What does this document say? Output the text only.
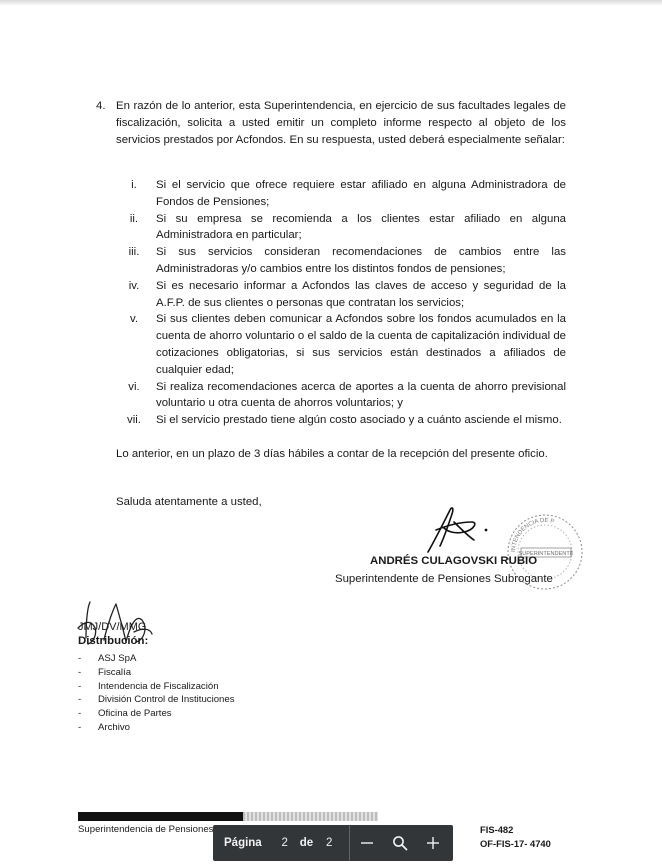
4. En razón de lo anterior, esta Superintendencia, en ejercicio de sus facultades legales de fiscalización, solicita a usted emitir un completo informe respecto al objeto de los servicios prestados por Acfondos. En su respuesta, usted deberá especialmente señalar:
i.	Si el servicio que ofrece requiere estar afiliado en alguna Administradora de Fondos de Pensiones;
ii.	Si su empresa se recomienda a los clientes estar afiliado en alguna Administradora en particular;
iii.	Si sus servicios consideran recomendaciones de cambios entre las Administradoras y/o cambios entre los distintos fondos de pensiones;
iv.	Si es necesario informar a Acfondos las claves de acceso y seguridad de la A.F.P. de sus clientes o personas que contratan los servicios;
v.	Si sus clientes deben comunicar a Acfondos sobre los fondos acumulados en la cuenta de ahorro voluntario o el saldo de la cuenta de capitalización individual de cotizaciones obligatorias, si sus servicios están destinados a afiliados de cualquier edad;
vi.	Si realiza recomendaciones acerca de aportes a la cuenta de ahorro previsional voluntario u otra cuenta de ahorros voluntarios; y
vii.	Si el servicio prestado tiene algún costo asociado y a cuánto asciende el mismo.
Lo anterior, en un plazo de 3 días hábiles a contar de la recepción del presente oficio.
Saluda atentamente a usted,
INTENDENCIA DE P
SUPERINTENDENTE
ANDRÉS CULAGOVSKI RUBIO
Superintendente de Pensiones Subrogante
JMJ/DV/MMG
Distribución:
- ASJ SpA
- Fiscalía
- Intendencia de Fiscalización
- División Control de Instituciones
- Oficina de Partes
- Archivo
Superintendencia de Pensiones	FIS-482
OF-FIS-17- 4740
Página	2	de 2
